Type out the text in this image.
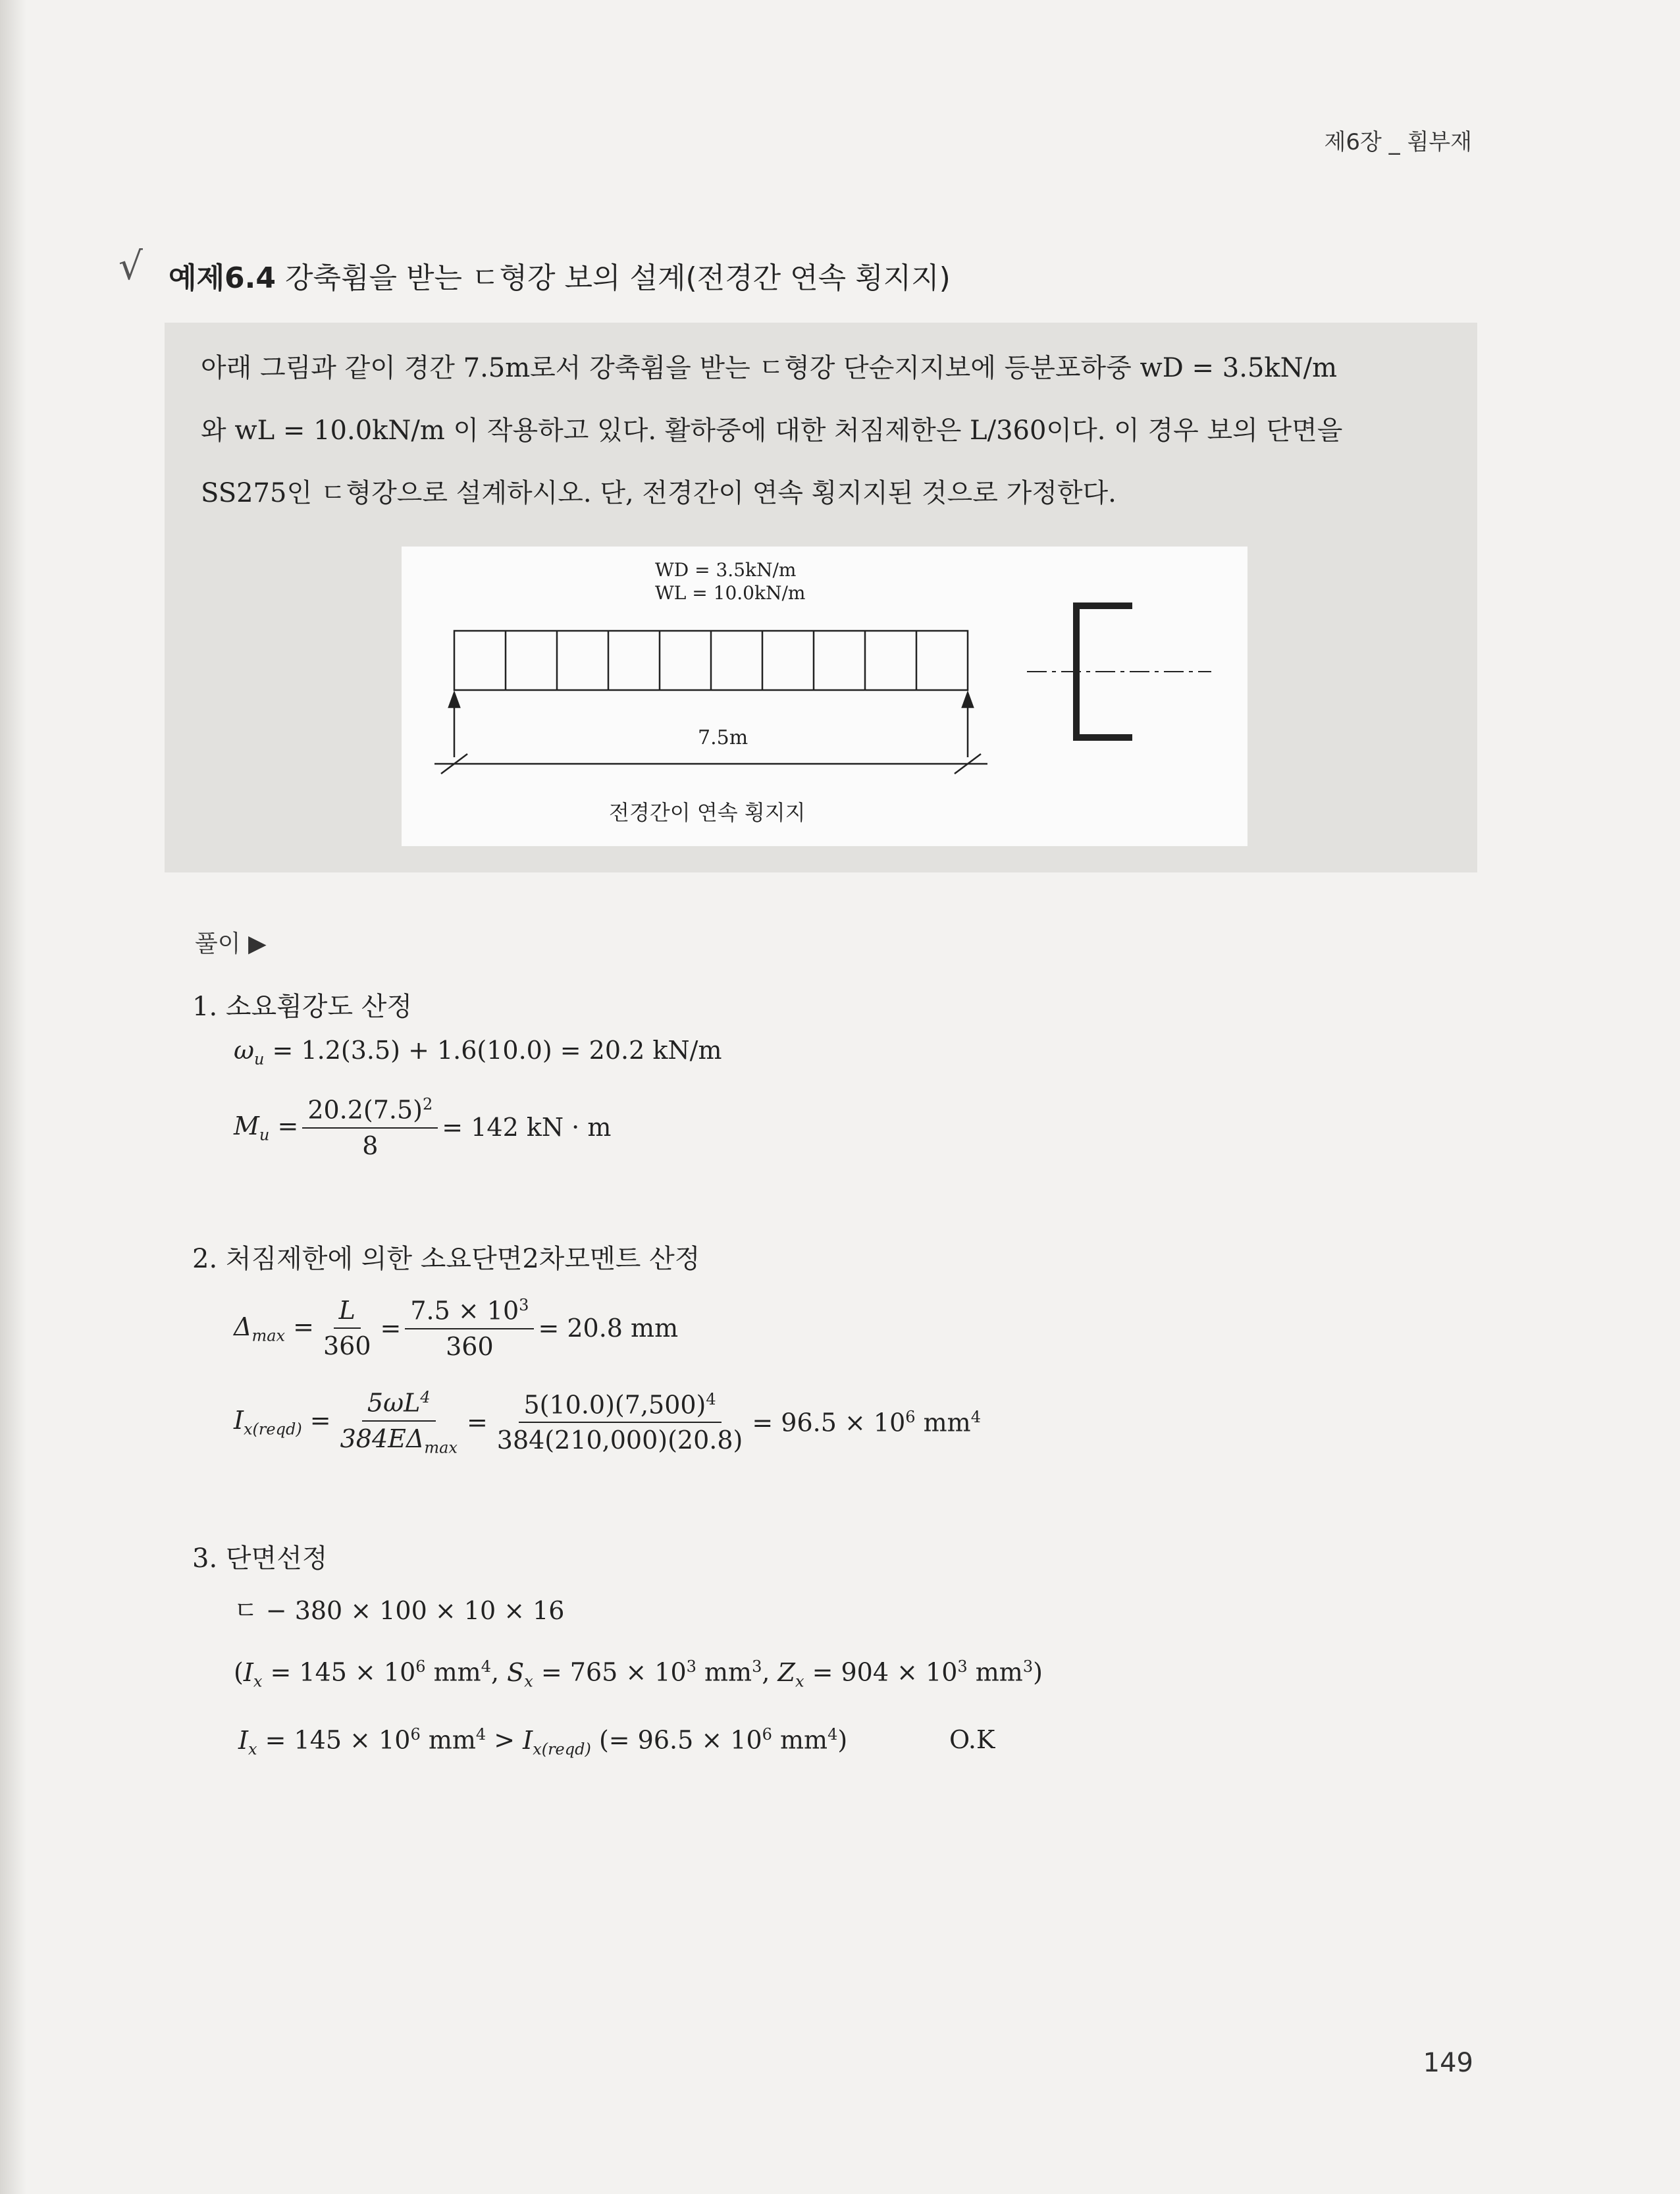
제6장 _ 휨부재
√ 예제6.4 강축휨을 받는 ㄷ형강 보의 설계(전경간 연속 횡지지)
아래 그림과 같이 경간 7.5m로서 강축휨을 받는 ㄷ형강 단순지지보에 등분포하중 wD = 3.5kN/m
와 wL = 10.0kN/m 이 작용하고 있다. 활하중에 대한 처짐제한은 L/360이다. 이 경우 보의 단면을
SS275인 ㄷ형강으로 설계하시오. 단, 전경간이 연속 횡지지된 것으로 가정한다.
WD = 3.5kN/m
WL = 10.0kN/m
7.5m
전경간이 연속 횡지지
풀이 ▶
1. 소요휨강도 산정
$\omega_u = 1.2(3.5) + 1.6(10.0) = 20.2$ kN/m
$M_u = \frac{20.2(7.5)^2}{8} = 142$ kN · m
2. 처짐제한에 의한 소요단면2차모멘트 산정
$\Delta_{max} = \frac{L}{360} = \frac{7.5 \times 10^3}{360} = 20.8$ mm
$I_{x(reqd)} = \frac{5\omega L^4}{384E\Delta_{max}} = \frac{5(10.0)(7,500)^4}{384(210,000)(20.8)} = 96.5 \times 10^6$ $mm^4$
3. 단면선정
ㄷ − 380 × 100 × 10 × 16
($I_x = 145 \times 10^6$ $mm^4$, $S_x = 765 \times 10^3$ $mm^3$, $Z_x = 904 \times 10^3$ $mm^3$)
$I_x = 145 \times 10^6$ $mm^4 > I_{x(reqd)}$ (= $96.5 \times 10^6$ $mm^4$)	O.K
149
